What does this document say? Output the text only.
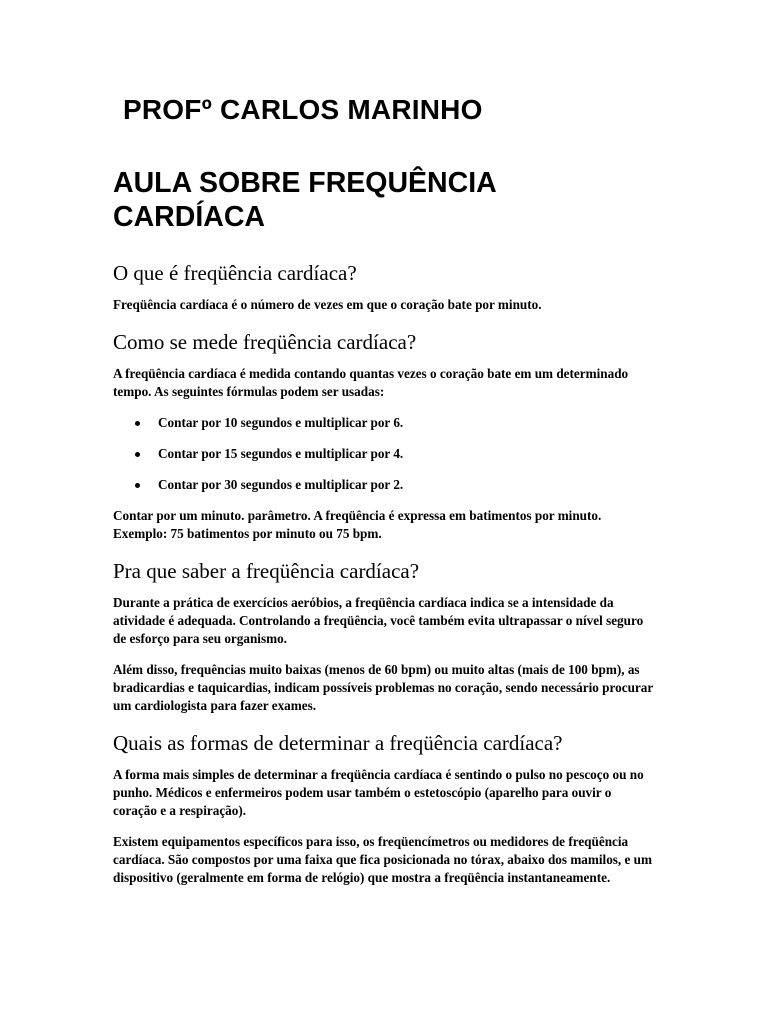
PROFº CARLOS MARINHO
AULA SOBRE FREQUÊNCIA CARDÍACA
O que é freqüência cardíaca?

Freqüência cardíaca é o número de vezes em que o coração bate por minuto.

Como se mede freqüência cardíaca?

A freqüência cardíaca é medida contando quantas vezes o coração bate em um determinado tempo. As seguintes fórmulas podem ser usadas:

Contar por 10 segundos e multiplicar por 6.
Contar por 15 segundos e multiplicar por 4.
Contar por 30 segundos e multiplicar por 2.

Contar por um minuto. parâmetro. A freqüência é expressa em batimentos por minuto. Exemplo: 75 batimentos por minuto ou 75 bpm.

Pra que saber a freqüência cardíaca?

Durante a prática de exercícios aeróbios, a freqüência cardíaca indica se a intensidade da atividade é adequada. Controlando a freqüência, você também evita ultrapassar o nível seguro de esforço para seu organismo.

Além disso, frequências muito baixas (menos de 60 bpm) ou muito altas (mais de 100 bpm), as bradicardias e taquicardias, indicam possíveis problemas no coração, sendo necessário procurar um cardiologista para fazer exames.

Quais as formas de determinar a freqüência cardíaca?

A forma mais simples de determinar a freqüência cardíaca é sentindo o pulso no pescoço ou no punho. Médicos e enfermeiros podem usar também o estetoscópio (aparelho para ouvir o coração e a respiração).

Existem equipamentos específicos para isso, os freqüencímetros ou medidores de freqüência cardíaca. São compostos por uma faixa que fica posicionada no tórax, abaixo dos mamilos, e um dispositivo (geralmente em forma de relógio) que mostra a freqüência instantaneamente.
